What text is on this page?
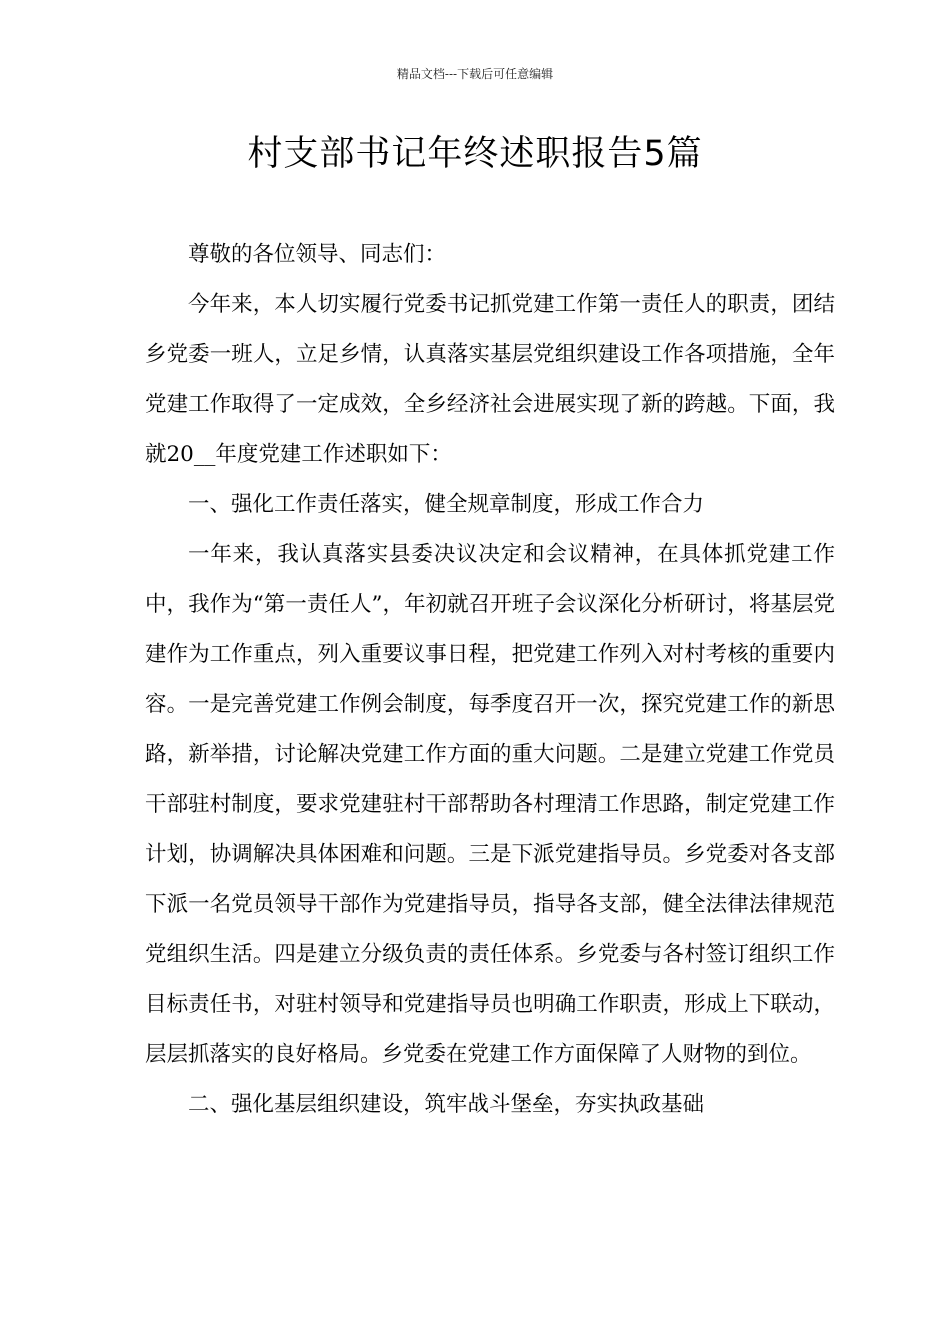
精品文档---下载后可任意编辑
村支部书记年终述职报告5篇

尊敬的各位领导、同志们：

今年来，本人切实履行党委书记抓党建工作第一责任人的职责，团结乡党委一班人，立足乡情，认真落实基层党组织建设工作各项措施，全年党建工作取得了一定成效，全乡经济社会进展实现了新的跨越。下面，我就20__年度党建工作述职如下：

一、强化工作责任落实，健全规章制度，形成工作合力

一年来，我认真落实县委决议决定和会议精神，在具体抓党建工作中，我作为“第一责任人”，年初就召开班子会议深化分析研讨，将基层党建作为工作重点，列入重要议事日程，把党建工作列入对村考核的重要内容。一是完善党建工作例会制度，每季度召开一次，探究党建工作的新思路，新举措，讨论解决党建工作方面的重大问题。二是建立党建工作党员干部驻村制度，要求党建驻村干部帮助各村理清工作思路，制定党建工作计划，协调解决具体困难和问题。三是下派党建指导员。乡党委对各支部下派一名党员领导干部作为党建指导员，指导各支部，健全法律法律规范党组织生活。四是建立分级负责的责任体系。乡党委与各村签订组织工作目标责任书，对驻村领导和党建指导员也明确工作职责，形成上下联动，层层抓落实的良好格局。乡党委在党建工作方面保障了人财物的到位。

二、强化基层组织建设，筑牢战斗堡垒，夯实执政基础
